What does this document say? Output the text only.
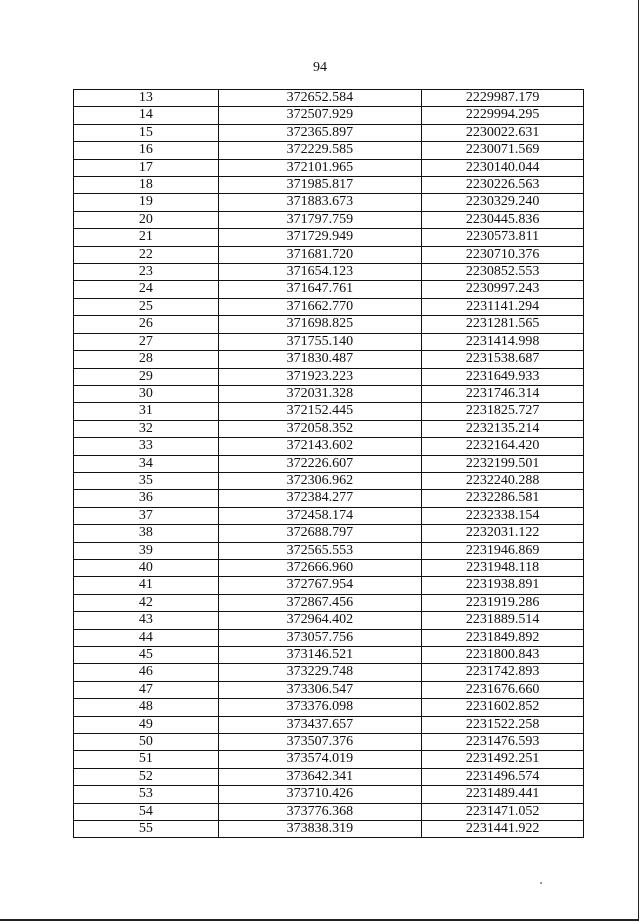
94
13	372652.584	2229987.179
14	372507.929	2229994.295
15	372365.897	2230022.631
16	372229.585	2230071.569
17	372101.965	2230140.044
18	371985.817	2230226.563
19	371883.673	2230329.240
20	371797.759	2230445.836
21	371729.949	2230573.811
22	371681.720	2230710.376
23	371654.123	2230852.553
24	371647.761	2230997.243
25	371662.770	2231141.294
26	371698.825	2231281.565
27	371755.140	2231414.998
28	371830.487	2231538.687
29	371923.223	2231649.933
30	372031.328	2231746.314
31	372152.445	2231825.727
32	372058.352	2232135.214
33	372143.602	2232164.420
34	372226.607	2232199.501
35	372306.962	2232240.288
36	372384.277	2232286.581
37	372458.174	2232338.154
38	372688.797	2232031.122
39	372565.553	2231946.869
40	372666.960	2231948.118
41	372767.954	2231938.891
42	372867.456	2231919.286
43	372964.402	2231889.514
44	373057.756	2231849.892
45	373146.521	2231800.843
46	373229.748	2231742.893
47	373306.547	2231676.660
48	373376.098	2231602.852
49	373437.657	2231522.258
50	373507.376	2231476.593
51	373574.019	2231492.251
52	373642.341	2231496.574
53	373710.426	2231489.441
54	373776.368	2231471.052
55	373838.319	2231441.922
